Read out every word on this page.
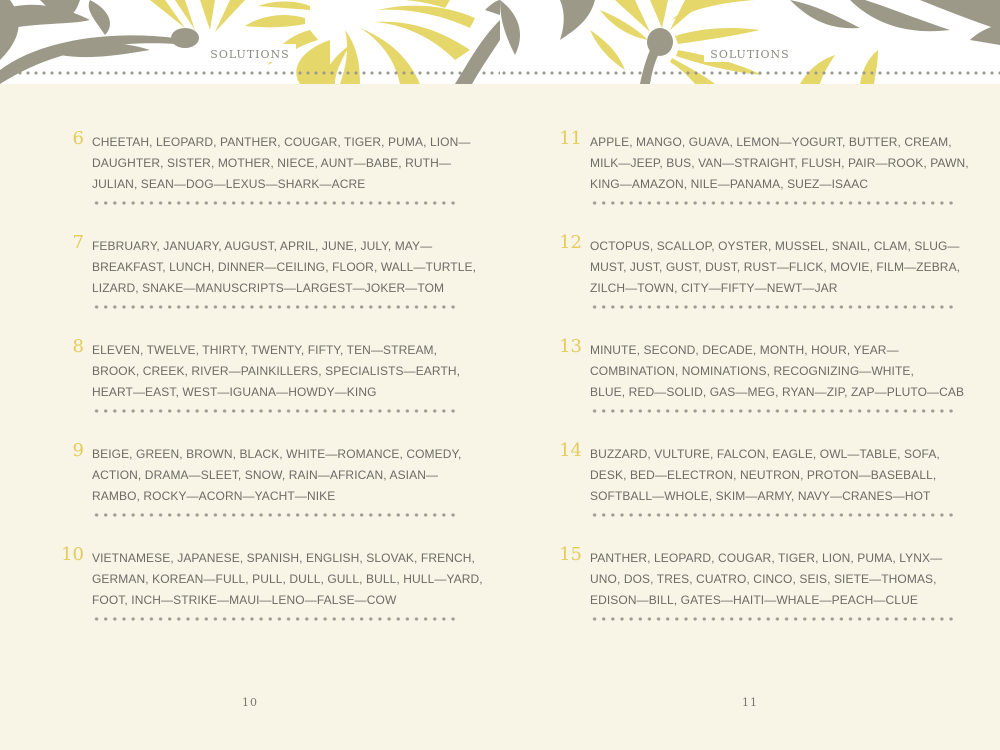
solutions
6 CHEETAH, LEOPARD, PANTHER, COUGAR, TIGER, PUMA, LION—

DAUGHTER, SISTER, MOTHER, NIECE, AUNT—BABE, RUTH—

JULIAN, SEAN—DOG—LEXUS—SHARK—ACRE

7 FEBRUARY, JANUARY, AUGUST, APRIL, JUNE, JULY, MAY—

BREAKFAST, LUNCH, DINNER—CEILING, FLOOR, WALL—TURTLE,

LIZARD, SNAKE—MANUSCRIPTS—LARGEST—JOKER—TOM

8 ELEVEN, TWELVE, THIRTY, TWENTY, FIFTY, TEN—STREAM,

BROOK, CREEK, RIVER—PAINKILLERS, SPECIALISTS—EARTH,

HEART—EAST, WEST—IGUANA—HOWDY—KING

9 BEIGE, GREEN, BROWN, BLACK, WHITE—ROMANCE, COMEDY,

ACTION, DRAMA—SLEET, SNOW, RAIN—AFRICAN, ASIAN—

RAMBO, ROCKY—ACORN—YACHT—NIKE

10 VIETNAMESE, JAPANESE, SPANISH, ENGLISH, SLOVAK, FRENCH,

GERMAN, KOREAN—FULL, PULL, DULL, GULL, BULL, HULL—YARD,

FOOT, INCH—STRIKE—MAUI—LENO—FALSE—COW

10
solutions
11 APPLE, MANGO, GUAVA, LEMON—YOGURT, BUTTER, CREAM,

MILK—JEEP, BUS, VAN—STRAIGHT, FLUSH, PAIR—ROOK, PAWN,

KING—AMAZON, NILE—PANAMA, SUEZ—ISAAC

12 OCTOPUS, SCALLOP, OYSTER, MUSSEL, SNAIL, CLAM, SLUG—

MUST, JUST, GUST, DUST, RUST—FLICK, MOVIE, FILM—ZEBRA,

ZILCH—TOWN, CITY—FIFTY—NEWT—JAR

13 MINUTE, SECOND, DECADE, MONTH, HOUR, YEAR—

COMBINATION, NOMINATIONS, RECOGNIZING—WHITE,

BLUE, RED—SOLID, GAS—MEG, RYAN—ZIP, ZAP—PLUTO—CAB

14 BUZZARD, VULTURE, FALCON, EAGLE, OWL—TABLE, SOFA,

DESK, BED—ELECTRON, NEUTRON, PROTON—BASEBALL,

SOFTBALL—WHOLE, SKIM—ARMY, NAVY—CRANES—HOT

15 PANTHER, LEOPARD, COUGAR, TIGER, LION, PUMA, LYNX—

UNO, DOS, TRES, CUATRO, CINCO, SEIS, SIETE—THOMAS,

EDISON—BILL, GATES—HAITI—WHALE—PEACH—CLUE

11
